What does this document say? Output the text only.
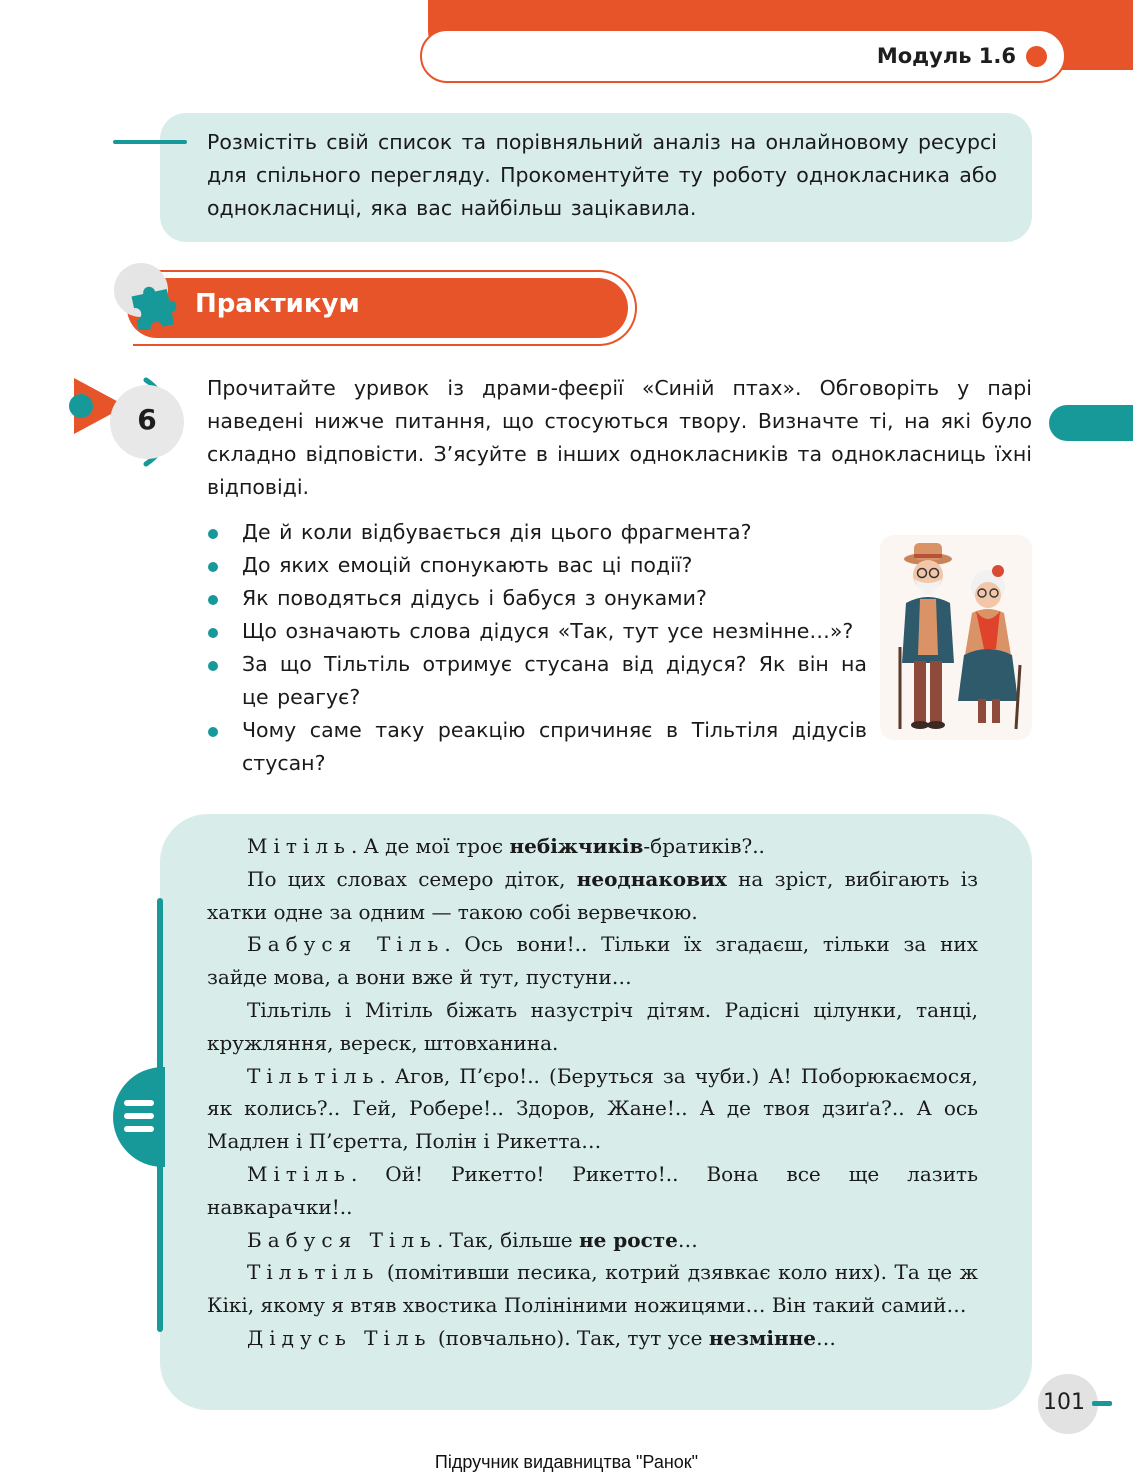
Модуль 1.6

Розмістіть свій список та порівняльний аналіз на онлайновому ресурсі для спільного перегляду. Прокоментуйте ту роботу однокласника або однокласниці, яка вас найбільш зацікавила.

Практикум
6

Прочитайте уривок із драми-феєрії «Синій птах». Обговоріть у парі наведені нижче питання, що стосуються твору. Визначте ті, на які було складно відповісти. З’ясуйте в інших однокласників та однокласниць їхні відповіді.

Де й коли відбувається дія цього фрагмента?
До яких емоцій спонукають вас ці події?
Як поводяться дідусь і бабуся з онуками?
Що означають слова дідуся «Так, тут усе незмінне…»?
За що Тільтіль отримує стусана від дідуся? Як він на це реагує?
Чому саме таку реакцію спричиняє в Тільтіля дідусів стусан?

Мітіль. А де мої троє небіжчиків-братиків?..

По цих словах семеро діток, неоднакових на зріст, вибігають із хатки одне за одним — такою собі вервечкою.

Бабуся Тіль. Ось вони!.. Тільки їх згадаєш, тільки за них зайде мова, а вони вже й тут, пустуни…

Тільтіль і Мітіль біжать назустріч дітям. Радісні цілунки, танці, кружляння, вереск, штовханина.

Тільтіль. Агов, П’єро!.. (Беруться за чуби.) А! Поборюкаємося, як колись?.. Гей, Робере!.. Здоров, Жане!.. А де твоя дзиґа?.. А ось Мадлен і П’єретта, Полін і Рикетта…

Мітіль. Ой! Рикетто! Рикетто!.. Вона все ще лазить навкарачки!..

Бабуся Тіль. Так, більше не росте…

Тільтіль (помітивши песика, котрий дзявкає коло них). Та це ж Кікі, якому я втяв хвостика Полініними ножицями… Він такий самий…

Дідусь Тіль (повчально). Так, тут усе незмінне…

101
Підручник видавництва "Ранок"
